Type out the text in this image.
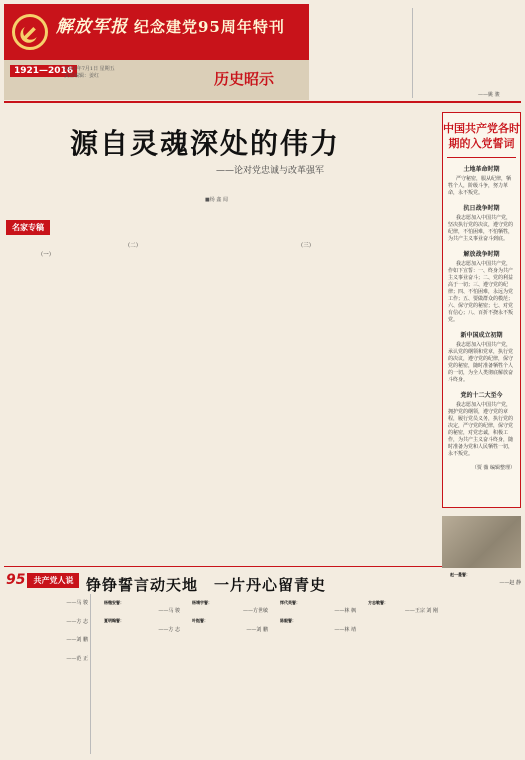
解放军报 纪念建党95周年特刊
1921—2016
2016年7月1日 星期五
责任编辑：姜红	历史昭示

——姚 骏
源自灵魂深处的伟力
——论对党忠诚与改革强军
■杨 鑫 闻
名家专稿

（一）

（二）

　	（三）

中国共产党各时期的入党誓词
土地革命时期
严守秘密，服从纪律，牺牲个人，阶级斗争，努力革命，永不叛党。
抗日战争时期
我志愿加入中国共产党，坚决执行党的决议，遵守党的纪律，不怕困难，不怕牺牲，为共产主义事业奋斗到底。
解放战争时期
我志愿加入中国共产党，作如下宣誓：一、终身为共产主义事业奋斗；二、党的利益高于一切；三、遵守党的纪律；四、不怕困难，永远为党工作；五、要做群众的模范；六、保守党的秘密；七、对党有信心；八、百折不挠永不叛党。
新中国成立初期
我志愿加入中国共产党，承认党的纲领和党章，执行党的决议，遵守党的纪律，保守党的秘密，随时准备牺牲个人的一切，为全人类彻底解放奋斗终身。
党的十二大至今
我志愿加入中国共产党，拥护党的纲领，遵守党的章程，履行党员义务，执行党的决定，严守党的纪律，保守党的秘密，对党忠诚，积极工作，为共产主义奋斗终身，随时准备为党和人民牺牲一切，永不叛党。
（贾 薇 编辑整理）
95	共产党人说

——马 骏

——方 志

——刘 鹏

——范 正
铮铮誓言动天地　一片丹心留青史
杨匏安誓：
——马 骏
夏明翰誓：
——方 志
杨靖宇誓：
——方世敏
叶挺誓：
——刘 鹏
恽代英誓：
——林 枫
陈毅誓：
——林 靖
方志敏誓：
——王宗 刘 刚
赵一曼誓：
——赵 静
